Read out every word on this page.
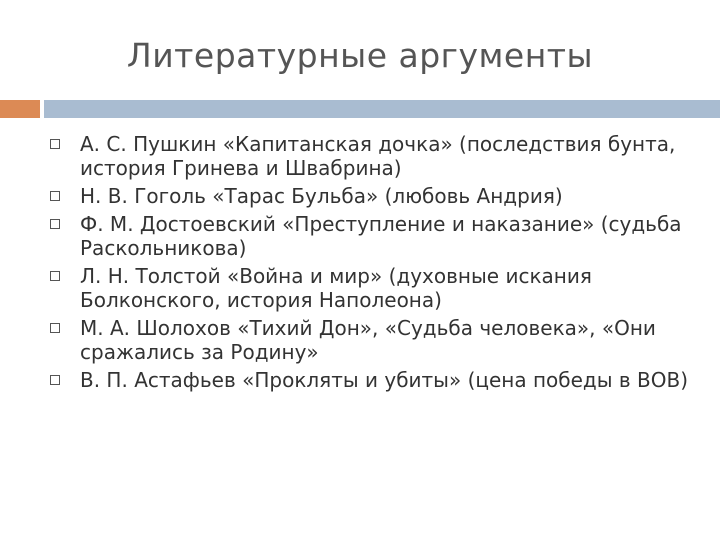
Литературные аргументы
А. С. Пушкин «Капитанская дочка» (последствия бунта, история Гринева и Швабрина)
Н. В. Гоголь «Тарас Бульба» (любовь Андрия)
Ф. М. Достоевский «Преступление и наказание» (судьба Раскольникова)
Л. Н. Толстой «Война и мир» (духовные искания Болконского, история Наполеона)
М. А. Шолохов «Тихий Дон», «Судьба человека», «Они сражались за Родину»
В. П. Астафьев «Прокляты и убиты» (цена победы в ВОВ)
